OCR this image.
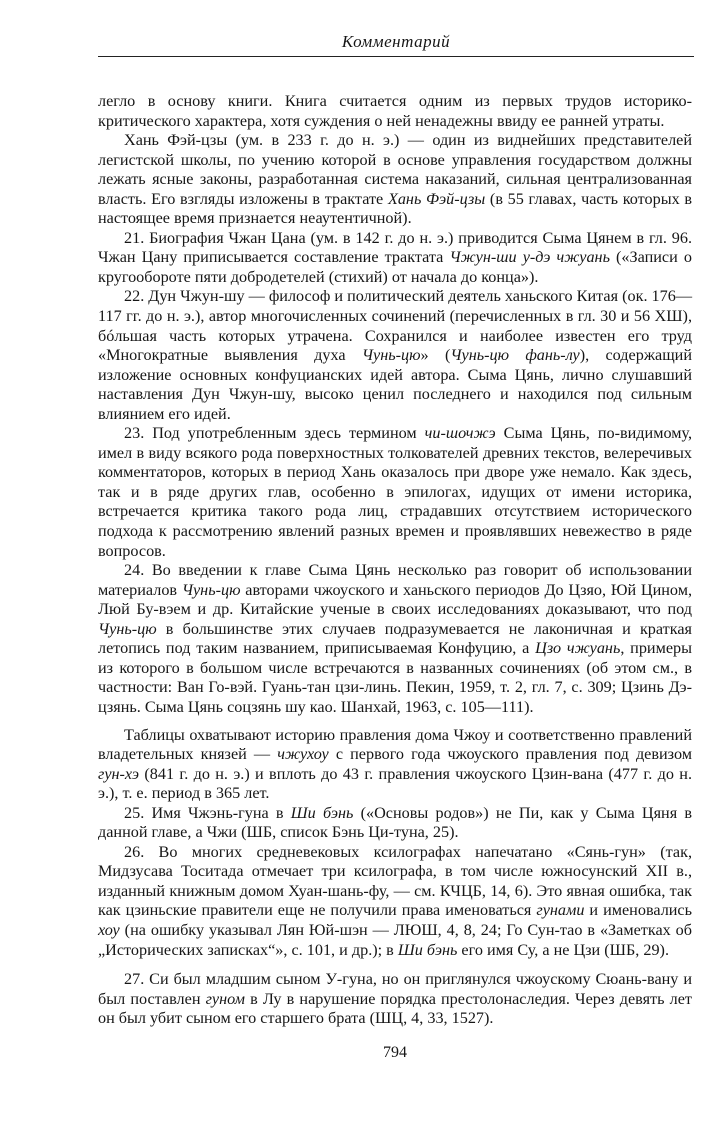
Комментарий

легло в основу книги. Книга считается одним из первых трудов историко-критического характера, хотя суждения о ней ненадежны ввиду ее ранней утраты.

Хань Фэй-цзы (ум. в 233 г. до н. э.) — один из виднейших представителей легистской школы, по учению которой в основе управления государством должны лежать ясные законы, разработанная система наказаний, сильная централизованная власть. Его взгляды изложены в трактате Хань Фэй-цзы (в 55 главах, часть которых в настоящее время признается неаутентичной).

21. Биография Чжан Цана (ум. в 142 г. до н. э.) приводится Сыма Цянем в гл. 96. Чжан Цану приписывается составление трактата Чжун-ши у-дэ чжуань («Записи о кругообороте пяти добродетелей (стихий) от начала до конца»).

22. Дун Чжун-шу — философ и политический деятель ханьского Китая (ок. 176—117 гг. до н. э.), автор многочисленных сочинений (перечисленных в гл. 30 и 56 ХШ), бóльшая часть которых утрачена. Сохранился и наиболее известен его труд «Многократные выявления духа Чунь-цю» (Чунь-цю фань-лу), содержащий изложение основных конфуцианских идей автора. Сыма Цянь, лично слушавший наставления Дун Чжун-шу, высоко ценил последнего и находился под сильным влиянием его идей.

23. Под употребленным здесь термином чи-шочжэ Сыма Цянь, по-видимому, имел в виду всякого рода поверхностных толкователей древних текстов, велеречивых комментаторов, которых в период Хань оказалось при дворе уже немало. Как здесь, так и в ряде других глав, особенно в эпилогах, идущих от имени историка, встречается критика такого рода лиц, страдавших отсутствием исторического подхода к рассмотрению явлений разных времен и проявлявших невежество в ряде вопросов.

24. Во введении к главе Сыма Цянь несколько раз говорит об использовании материалов Чунь-цю авторами чжоуского и ханьского периодов До Цзяо, Юй Цином, Люй Бу-вэем и др. Китайские ученые в своих исследованиях доказывают, что под Чунь-цю в большинстве этих случаев подразумевается не лаконичная и краткая летопись под таким названием, приписываемая Конфуцию, а Цзо чжуань, примеры из которого в большом числе встречаются в названных сочинениях (об этом см., в частности: Ван Го-вэй. Гуань-тан цзи-линь. Пекин, 1959, т. 2, гл. 7, с. 309; Цзинь Дэ-цзянь. Сыма Цянь соцзянь шу као. Шанхай, 1963, с. 105—111).

Таблицы охватывают историю правления дома Чжоу и соответственно правлений владетельных князей — чжухоу с первого года чжоуского правления под девизом гун-хэ (841 г. до н. э.) и вплоть до 43 г. правления чжоуского Цзин-вана (477 г. до н. э.), т. е. период в 365 лет.

25. Имя Чжэнь-гуна в Ши бэнь («Основы родов») не Пи, как у Сыма Цяня в данной главе, а Чжи (ШБ, список Бэнь Ци-туна, 25).

26. Во многих средневековых ксилографах напечатано «Сянь-гун» (так, Мидзусава Toситада отмечает три ксилографа, в том числе южносунский XII в., изданный книжным домом Хуан-шань-фу, — см. КЧЦБ, 14, 6). Это явная ошибка, так как цзиньские правители еще не получили права именоваться гунами и именовались хоу (на ошибку указывал Лян Юй-шэн — ЛЮШ, 4, 8, 24; Го Сун-тао в «Заметках об „Исторических записках“», с. 101, и др.); в Ши бэнь его имя Су, а не Цзи (ШБ, 29).

27. Си был младшим сыном У-гуна, но он приглянулся чжоускому Сюань-вану и был поставлен гуном в Лу в нарушение порядка престолонаследия. Через девять лет он был убит сыном его старшего брата (ШЦ, 4, 33, 1527).

794
